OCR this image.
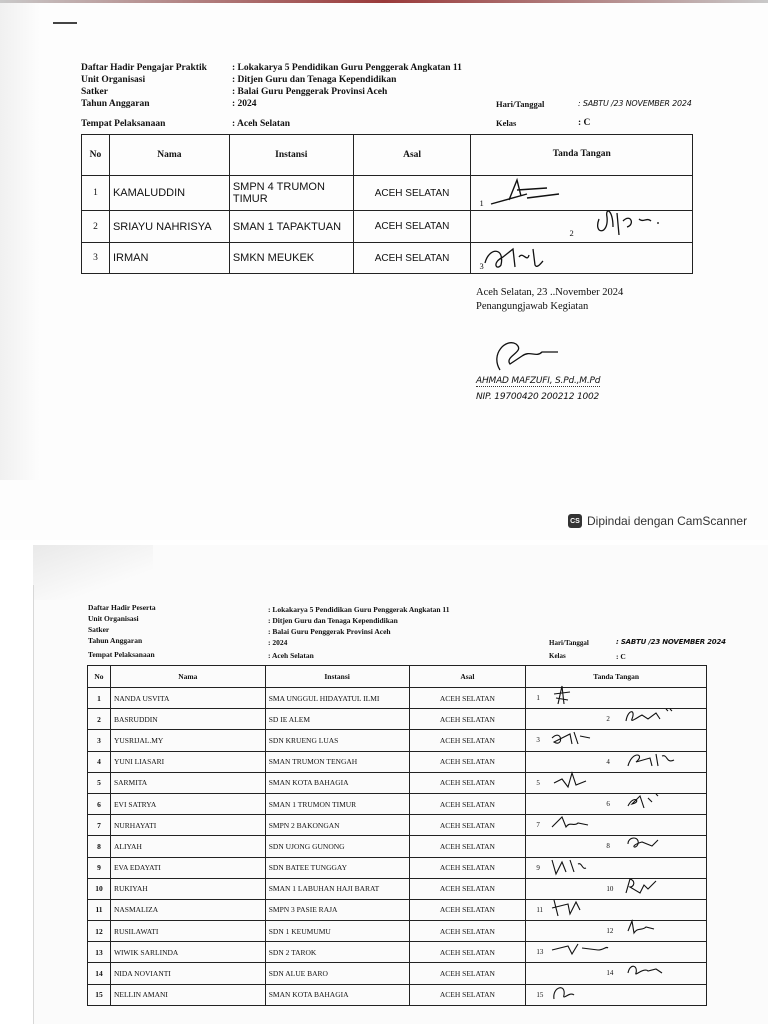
Daftar Hadir Pengajar Praktik	: Lokakarya 5 Pendidikan Guru Penggerak Angkatan 11
Unit Organisasi	: Ditjen Guru dan Tenaga Kependidikan
Satker	: Balai Guru Penggerak Provinsi Aceh
Tahun Anggaran	: 2024
Tempat Pelaksanaan	: Aceh Selatan
Hari/Tanggal	: SABTU /23 NOVEMBER 2024
Kelas	: C
No	Nama	Instansi	Asal	Tanda Tangan
1	KAMALUDDIN	SMPN 4 TRUMON TIMUR	ACEH SELATAN	1

2	SRIAYU NAHRISYA	SMAN 1 TAPAKTUAN	ACEH SELATAN	2

3	IRMAN	SMKN MEUKEK	ACEH SELATAN	3
Aceh Selatan, 23 ..November 2024
Penangungjawab Kegiatan
AHMAD MAFZUFI, S.Pd.,M.Pd
NIP. 19700420 200212 1002
CS Dipindai dengan CamScanner
Daftar Hadir Peserta	: Lokakarya 5 Pendidikan Guru Penggerak Angkatan 11
Unit Organisasi	: Ditjen Guru dan Tenaga Kependidikan
Satker	: Balai Guru Penggerak Provinsi Aceh
Tahun Anggaran	: 2024
Tempat Pelaksanaan	: Aceh Selatan
Hari/Tanggal	: SABTU /23 NOVEMBER 2024
Kelas	: C
No	Nama	Instansi	Asal	Tanda Tangan
1	NANDA USVITA	SMA UNGGUL HIDAYATUL ILMI	ACEH SELATAN	1

2	BASRUDDIN	SD IE ALEM	ACEH SELATAN	2

3	YUSRIJAL.MY	SDN KRUENG LUAS	ACEH SELATAN	3

4	YUNI LIASARI	SMAN TRUMON TENGAH	ACEH SELATAN	4

5	SARMITA	SMAN KOTA BAHAGIA	ACEH SELATAN	5

6	EVI SATRYA	SMAN 1 TRUMON TIMUR	ACEH SELATAN	6

7	NURHAYATI	SMPN 2 BAKONGAN	ACEH SELATAN	7

8	ALIYAH	SDN UJONG GUNONG	ACEH SELATAN	8

9	EVA EDAYATI	SDN BATEE TUNGGAY	ACEH SELATAN	9

10	RUKIYAH	SMAN 1 LABUHAN HAJI BARAT	ACEH SELATAN	10

11	NASMALIZA	SMPN 3 PASIE RAJA	ACEH SELATAN	11

12	RUSILAWATI	SDN 1 KEUMUMU	ACEH SELATAN	12

13	WIWIK SARLINDA	SDN 2 TAROK	ACEH SELATAN	13

14	NIDA NOVIANTI	SDN ALUE BARO	ACEH SELATAN	14

15	NELLIN AMANI	SMAN KOTA BAHAGIA	ACEH SELATAN	15
